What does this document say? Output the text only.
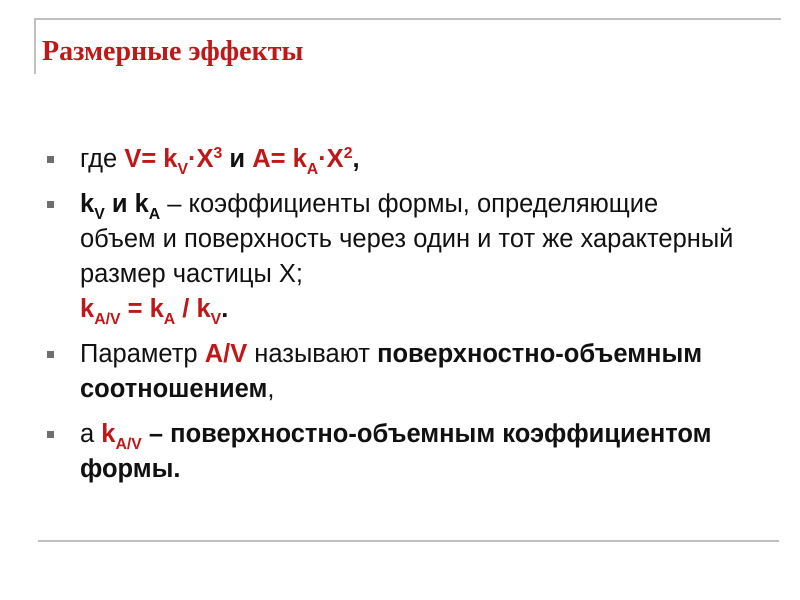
Размерные эффекты
где $V= k_V\cdot X^3$ и $A= k_A\cdot X^2$,
$k_V$ и $k_A$ – коэффициенты формы, определяющие объем и поверхность через один и тот же характерный размер частицы X;
$k_{A/V} = k_A / k_V$.
Параметр A/V называют поверхностно-объемным соотношением,
а $k_{A/V}$ – поверхностно-объемным коэффициентом формы.
